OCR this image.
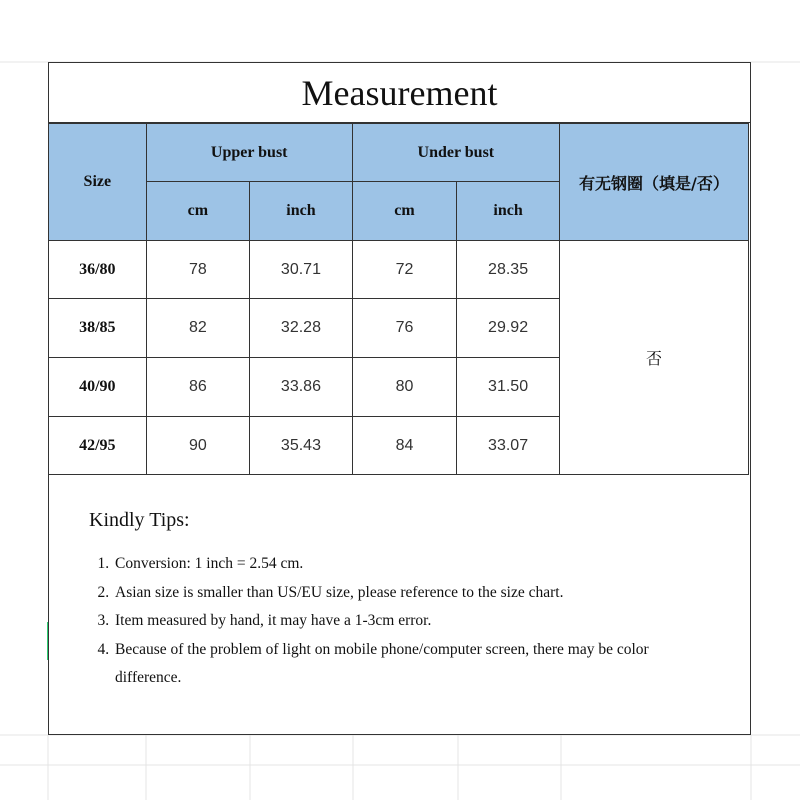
Measurement
Size	Upper bust		Under bust		有无钢圈（填是/否）
	cm	inch	cm	inch	
36/80	78	30.71	72	28.35	否
38/85	82	32.28	76	29.92	
40/90	86	33.86	80	31.50	
42/95	90	35.43	84	33.07	

Kindly Tips:

1. Conversion: 1 inch = 2.54 cm.
2. Asian size is smaller than US/EU size, please reference to the size chart.
3. Item measured by hand, it may have a 1-3cm error.
4. Because of the problem of light on mobile phone/computer screen, there may be color difference.
